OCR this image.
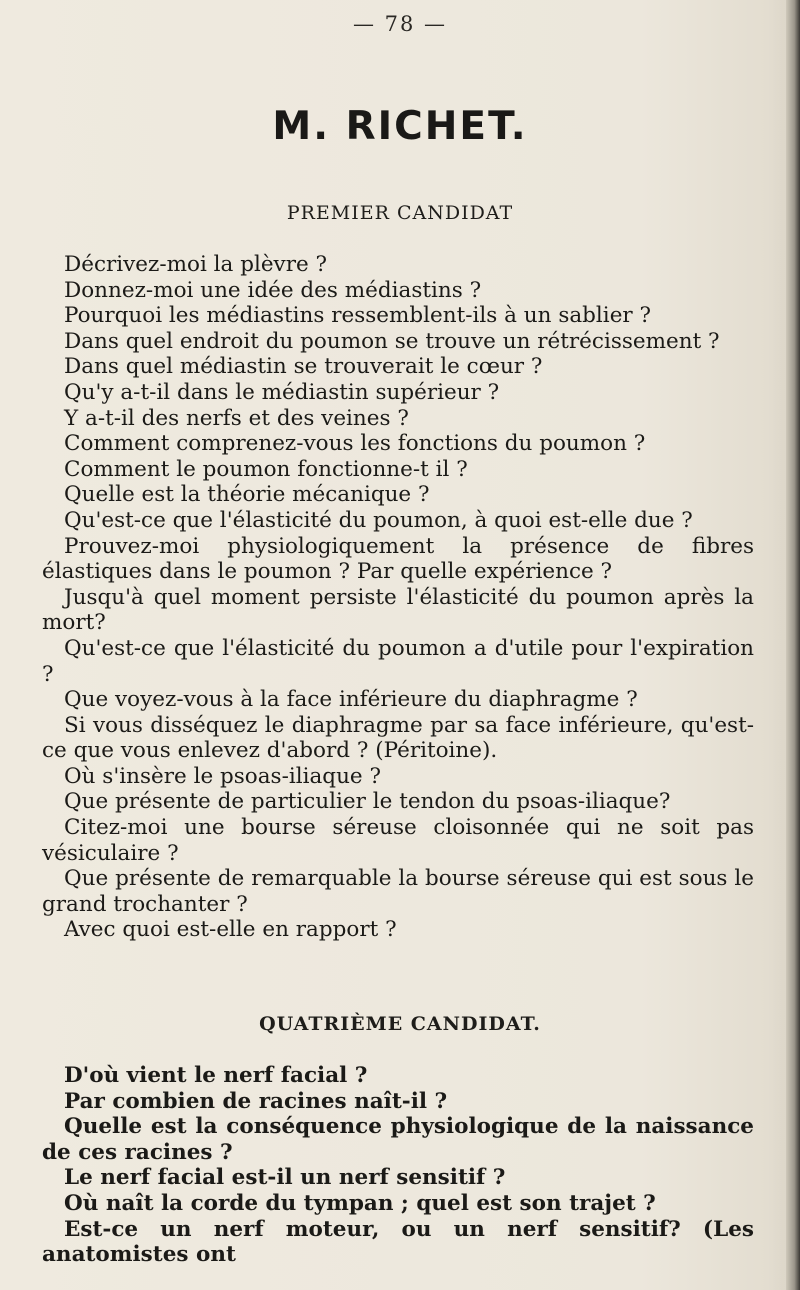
— 78 —
M. RICHET.
PREMIER CANDIDAT

Décrivez-moi la plèvre ?

Donnez-moi une idée des médiastins ?

Pourquoi les médiastins ressemblent-ils à un sablier ?

Dans quel endroit du poumon se trouve un rétrécissement ?

Dans quel médiastin se trouverait le cœur ?

Qu'y a-t-il dans le médiastin supérieur ?

Y a-t-il des nerfs et des veines ?

Comment comprenez-vous les fonctions du poumon ?

Comment le poumon fonctionne-t il ?

Quelle est la théorie mécanique ?

Qu'est-ce que l'élasticité du poumon, à quoi est-elle due ?

Prouvez-moi physiologiquement la présence de fibres élastiques dans le poumon ? Par quelle expérience ?

Jusqu'à quel moment persiste l'élasticité du poumon après la mort?

Qu'est-ce que l'élasticité du poumon a d'utile pour l'expiration ?

Que voyez-vous à la face inférieure du diaphragme ?

Si vous disséquez le diaphragme par sa face inférieure, qu'est-ce que vous enlevez d'abord ? (Péritoine).

Où s'insère le psoas-iliaque ?

Que présente de particulier le tendon du psoas-iliaque?

Citez-moi une bourse séreuse cloisonnée qui ne soit pas vésiculaire ?

Que présente de remarquable la bourse séreuse qui est sous le grand trochanter ?

Avec quoi est-elle en rapport ?

QUATRIÈME CANDIDAT.

D'où vient le nerf facial ?

Par combien de racines naît-il ?

Quelle est la conséquence physiologique de la naissance de ces racines ?

Le nerf facial est-il un nerf sensitif ?

Où naît la corde du tympan ; quel est son trajet ?

Est-ce un nerf moteur, ou un nerf sensitif? (Les anatomistes ont
